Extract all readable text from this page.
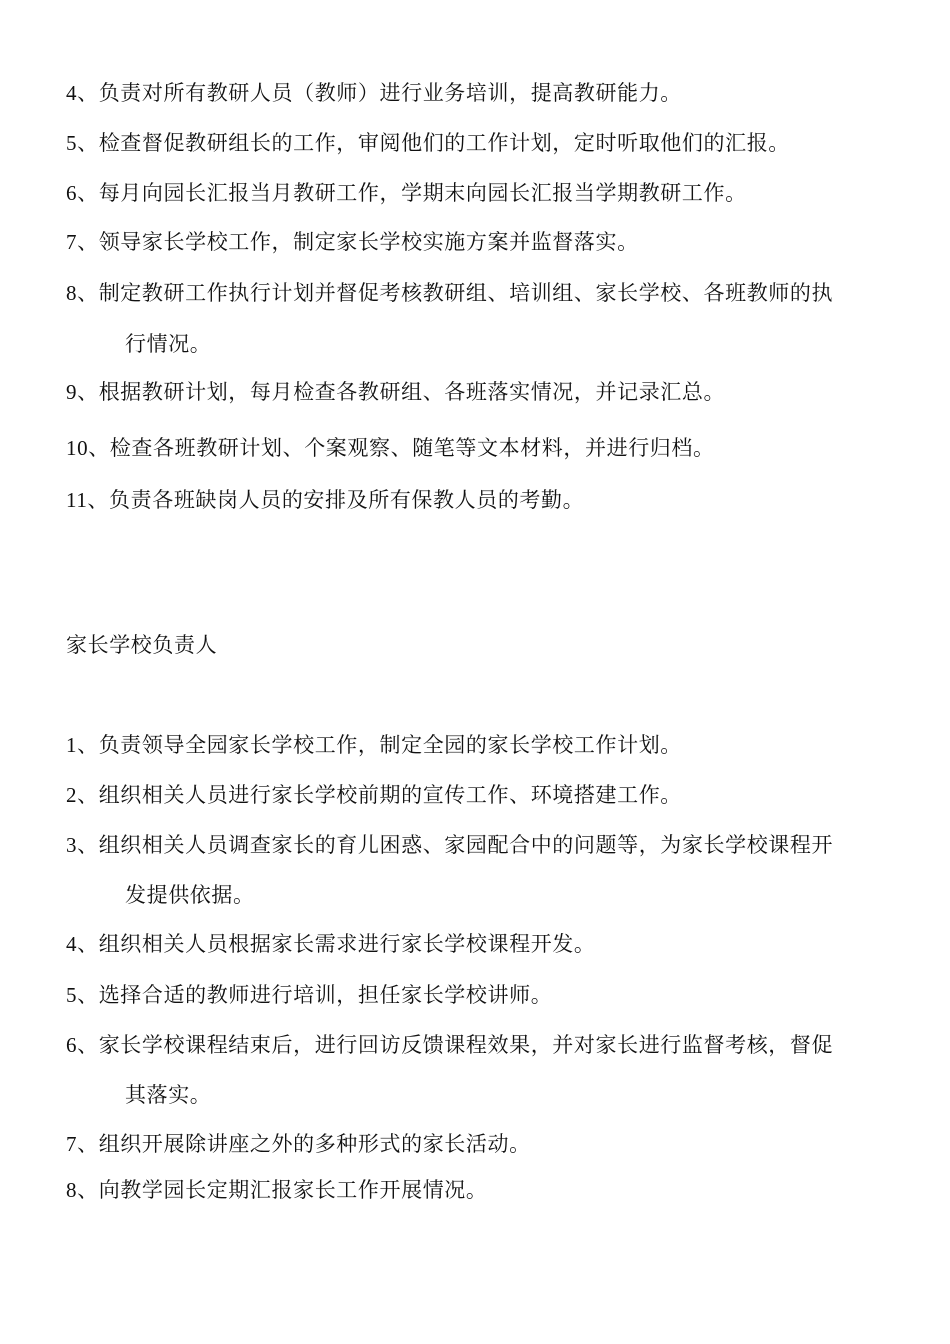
4、负责对所有教研人员（教师）进行业务培训，提高教研能力。
5、检查督促教研组长的工作，审阅他们的工作计划，定时听取他们的汇报。
6、每月向园长汇报当月教研工作，学期末向园长汇报当学期教研工作。
7、领导家长学校工作，制定家长学校实施方案并监督落实。
8、制定教研工作执行计划并督促考核教研组、培训组、家长学校、各班教师的执
行情况。
9、根据教研计划，每月检查各教研组、各班落实情况，并记录汇总。
10、检查各班教研计划、个案观察、随笔等文本材料，并进行归档。
11、负责各班缺岗人员的安排及所有保教人员的考勤。
家长学校负责人
1、负责领导全园家长学校工作，制定全园的家长学校工作计划。
2、组织相关人员进行家长学校前期的宣传工作、环境搭建工作。
3、组织相关人员调查家长的育儿困惑、家园配合中的问题等，为家长学校课程开
发提供依据。
4、组织相关人员根据家长需求进行家长学校课程开发。
5、选择合适的教师进行培训，担任家长学校讲师。
6、家长学校课程结束后，进行回访反馈课程效果，并对家长进行监督考核，督促
其落实。
7、组织开展除讲座之外的多种形式的家长活动。
8、向教学园长定期汇报家长工作开展情况。
